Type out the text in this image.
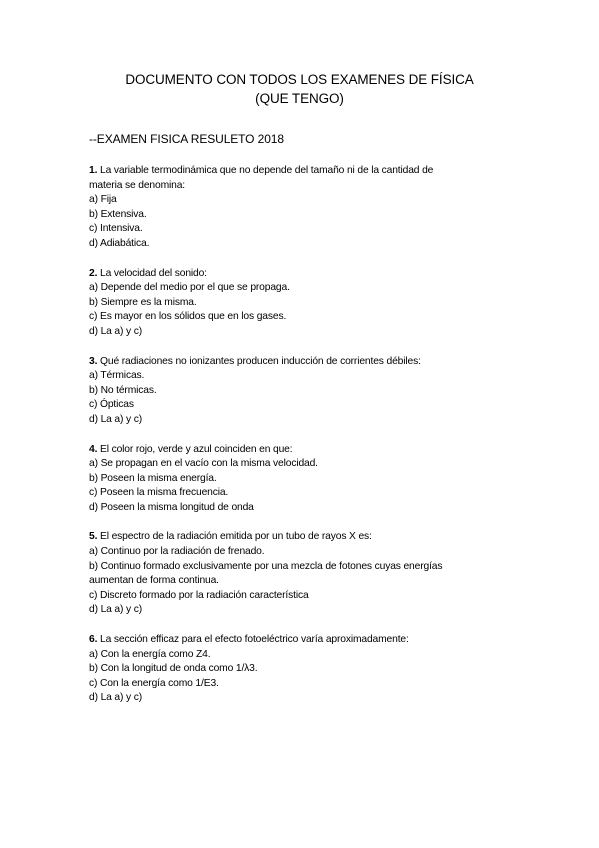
DOCUMENTO CON TODOS LOS EXAMENES DE FÍSICA
(QUE TENGO)
--EXAMEN FISICA RESULETO 2018
1. La variable termodinámica que no depende del tamaño ni de la cantidad de
materia se denomina:
a) Fija
b) Extensiva.
c) Intensiva.
d) Adiabática.
2. La velocidad del sonido:
a) Depende del medio por el que se propaga.
b) Siempre es la misma.
c) Es mayor en los sólidos que en los gases.
d) La a) y c)
3. Qué radiaciones no ionizantes producen inducción de corrientes débiles:
a) Térmicas.
b) No térmicas.
c) Ópticas
d) La a) y c)
4. El color rojo, verde y azul coinciden en que:
a) Se propagan en el vacío con la misma velocidad.
b) Poseen la misma energía.
c) Poseen la misma frecuencia.
d) Poseen la misma longitud de onda
5. El espectro de la radiación emitida por un tubo de rayos X es:
a) Continuo por la radiación de frenado.
b) Continuo formado exclusivamente por una mezcla de fotones cuyas energías
aumentan de forma continua.
c) Discreto formado por la radiación característica
d) La a) y c)
6. La sección efficaz para el efecto fotoeléctrico varía aproximadamente:
a) Con la energía como Z4.
b) Con la longitud de onda como 1/λ3.
c) Con la energía como 1/E3.
d) La a) y c)
